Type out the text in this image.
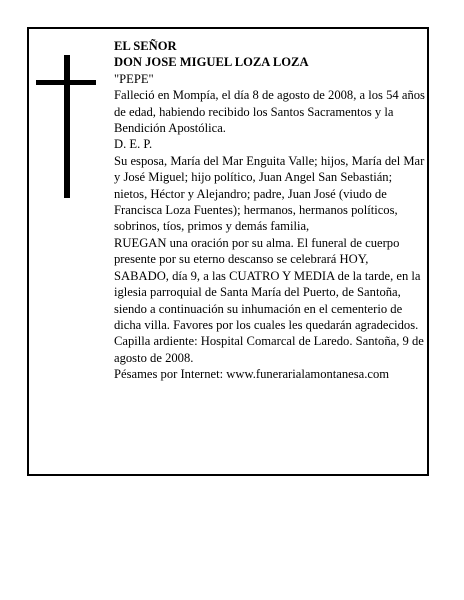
EL SEÑOR

DON JOSE MIGUEL LOZA LOZA

"PEPE"

Falleció en Mompía, el día 8 de agosto de 2008, a los 54 años de edad, habiendo recibido los Santos Sacramentos y la Bendición Apostólica.

D. E. P.

Su esposa, María del Mar Enguita Valle; hijos, María del Mar y José Miguel; hijo político, Juan Angel San Sebastián; nietos, Héctor y Alejandro; padre, Juan José (viudo de Francisca Loza Fuentes); hermanos, hermanos políticos, sobrinos, tíos, primos y demás familia,

RUEGAN una oración por su alma. El funeral de cuerpo presente por su eterno descanso se celebrará HOY, SABADO, día 9, a las CUATRO Y MEDIA de la tarde, en la iglesia parroquial de Santa María del Puerto, de Santoña, siendo a continuación su inhumación en el cementerio de dicha villa. Favores por los cuales les quedarán agradecidos. Capilla ardiente: Hospital Comarcal de Laredo. Santoña, 9 de agosto de 2008.

Pésames por Internet: www.funerarialamontanesa.com
